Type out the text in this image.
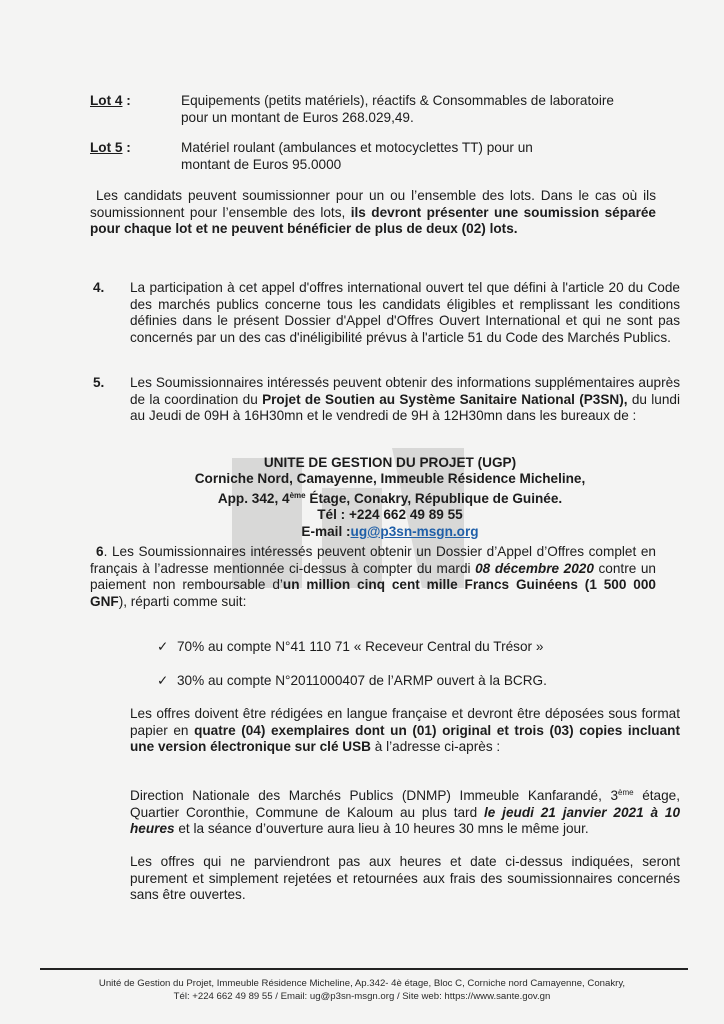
Lot 4 :	Equipements (petits matériels), réactifs & Consommables de laboratoire
pour un montant de Euros 268.029,49.
Lot 5 :	Matériel roulant (ambulances et motocyclettes TT) pour un
montant de Euros 95.0000
Les candidats peuvent soumissionner pour un ou l’ensemble des lots. Dans le cas où ils soumissionnent pour l’ensemble des lots, ils devront présenter une soumission séparée pour chaque lot et ne peuvent bénéficier de plus de deux (02) lots.
4. La participation à cet appel d'offres international ouvert tel que défini à l'article 20 du Code des marchés publics concerne tous les candidats éligibles et remplissant les conditions définies dans le présent Dossier d'Appel d'Offres Ouvert International et qui ne sont pas concernés par un des cas d'inéligibilité prévus à l'article 51 du Code des Marchés Publics.
5. Les Soumissionnaires intéressés peuvent obtenir des informations supplémentaires auprès de la coordination du Projet de Soutien au Système Sanitaire National (P3SN), du lundi au Jeudi de 09H à 16H30mn et le vendredi de 9H à 12H30mn dans les bureaux de :
UNITE DE GESTION DU PROJET (UGP)
Corniche Nord, Camayenne, Immeuble Résidence Micheline,
App. 342, 4ème Étage, Conakry, République de Guinée.
Tél : +224 662 49 89 55
E-mail :ug@p3sn-msgn.org
6. Les Soumissionnaires intéressés peuvent obtenir un Dossier d’Appel d’Offres complet en français à l’adresse mentionnée ci-dessus à compter du mardi 08 décembre 2020 contre un paiement non remboursable d’un million cinq cent mille Francs Guinéens (1 500 000 GNF), réparti comme suit:
✓ 70% au compte N°41 110 71 « Receveur Central du Trésor »
✓ 30% au compte N°2011000407 de l’ARMP ouvert à la BCRG.
Les offres doivent être rédigées en langue française et devront être déposées sous format papier en quatre (04) exemplaires dont un (01) original et trois (03) copies incluant une version électronique sur clé USB à l’adresse ci-après :
Direction Nationale des Marchés Publics (DNMP) Immeuble Kanfarandé, 3ème étage, Quartier Coronthie, Commune de Kaloum au plus tard le jeudi 21 janvier 2021 à 10 heures et la séance d’ouverture aura lieu à 10 heures 30 mns le même jour.
Les offres qui ne parviendront pas aux heures et date ci-dessus indiquées, seront purement et simplement rejetées et retournées aux frais des soumissionnaires concernés sans être ouvertes.
Unité de Gestion du Projet, Immeuble Résidence Micheline, Ap.342- 4è étage, Bloc C, Corniche nord Camayenne, Conakry,
Tél: +224 662 49 89 55 / Email: ug@p3sn-msgn.org / Site web: https://www.sante.gov.gn
